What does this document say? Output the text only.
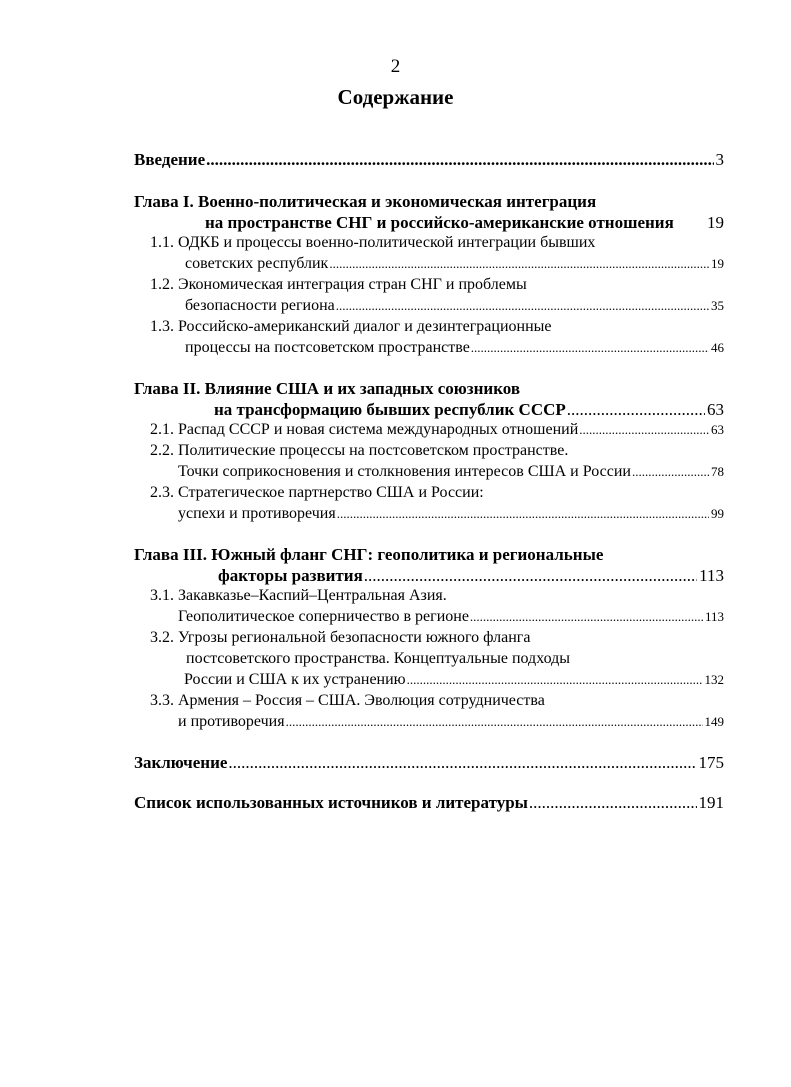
2
Содержание
Введение .....	3
Глава I. Военно-политическая и экономическая интеграция
на пространстве СНГ и российско-американские отношения 19
1.1. ОДКБ и процессы военно-политической интеграции бывших
советских республик .....	19
1.2. Экономическая интеграция стран СНГ и проблемы
безопасности региона .....	35
1.3. Российско-американский диалог и дезинтеграционные
процессы на постсоветском пространстве .....	46
Глава II. Влияние США и их западных союзников
на трансформацию бывших республик СССР .....	63
2.1. Распад СССР и новая система международных отношений .....	63
2.2. Политические процессы на постсоветском пространстве.
Точки соприкосновения и столкновения интересов США и России .....	78
2.3. Стратегическое партнерство США и России:
успехи и противоречия .....	99
Глава III. Южный фланг СНГ: геополитика и региональные
факторы развития .....	113
3.1. Закавказье–Каспий–Центральная Азия.
Геополитическое соперничество в регионе .....	113
3.2. Угрозы региональной безопасности южного фланга
постсоветского пространства. Концептуальные подходы
России и США к их устранению .....	132
3.3. Армения – Россия – США. Эволюция сотрудничества
и противоречия .....	149
Заключение .....	175
Список использованных источников и литературы .....	191
